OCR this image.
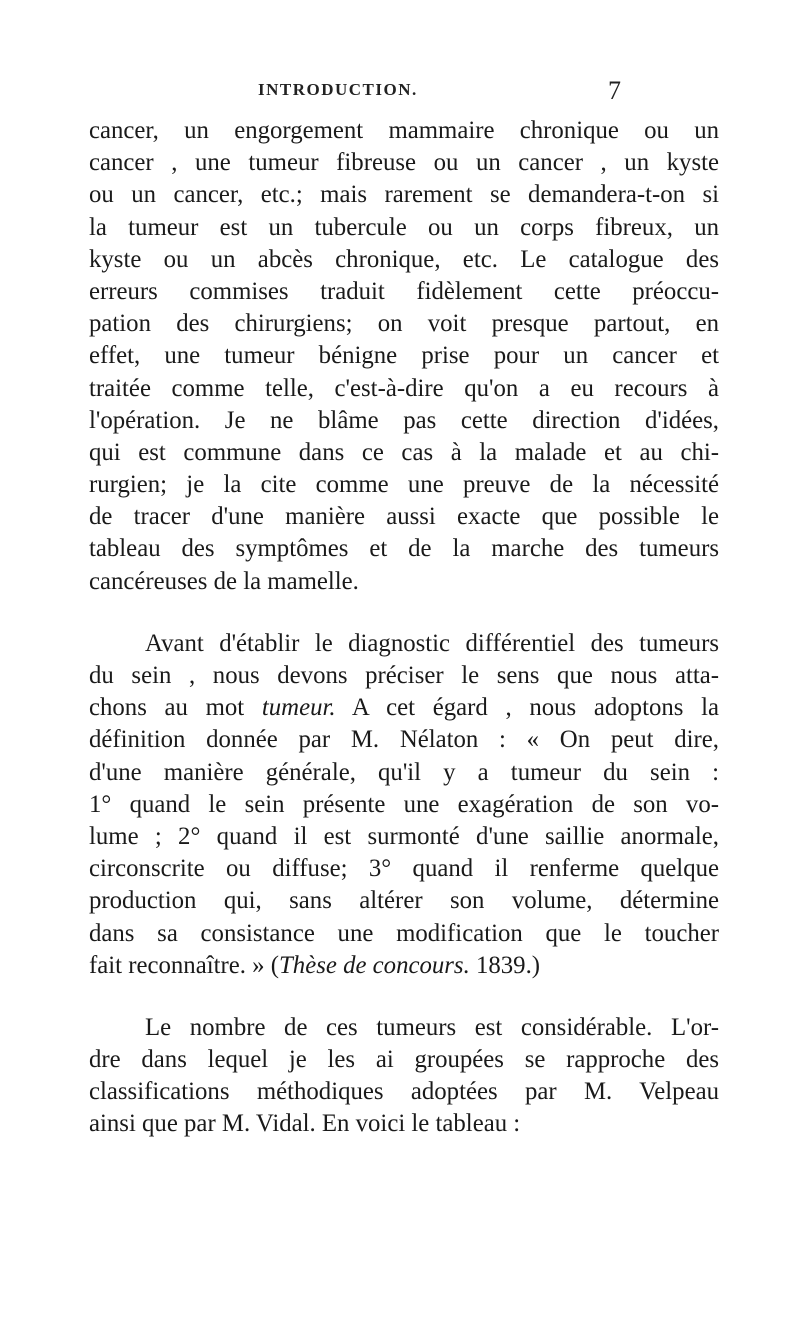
INTRODUCTION.	7
cancer, un engorgement mammaire chronique ou un
cancer , une tumeur fibreuse ou un cancer , un kyste
ou un cancer, etc.; mais rarement se demandera-t-on si
la tumeur est un tubercule ou un corps fibreux, un
kyste ou un abcès chronique, etc. Le catalogue des
erreurs commises traduit fidèlement cette préoccu-
pation des chirurgiens; on voit presque partout, en
effet, une tumeur bénigne prise pour un cancer et
traitée comme telle, c'est-à-dire qu'on a eu recours à
l'opération. Je ne blâme pas cette direction d'idées,
qui est commune dans ce cas à la malade et au chi-
rurgien; je la cite comme une preuve de la nécessité
de tracer d'une manière aussi exacte que possible le
tableau des symptômes et de la marche des tumeurs
cancéreuses de la mamelle.
Avant d'établir le diagnostic différentiel des tumeurs
du sein , nous devons préciser le sens que nous atta-
chons au mot tumeur. A cet égard , nous adoptons la
définition donnée par M. Nélaton : « On peut dire,
d'une manière générale, qu'il y a tumeur du sein :
1° quand le sein présente une exagération de son vo-
lume ; 2° quand il est surmonté d'une saillie anormale,
circonscrite ou diffuse; 3° quand il renferme quelque
production qui, sans altérer son volume, détermine
dans sa consistance une modification que le toucher
fait reconnaître. » (Thèse de concours. 1839.)
Le nombre de ces tumeurs est considérable. L'or-
dre dans lequel je les ai groupées se rapproche des
classifications méthodiques adoptées par M. Velpeau
ainsi que par M. Vidal. En voici le tableau :
